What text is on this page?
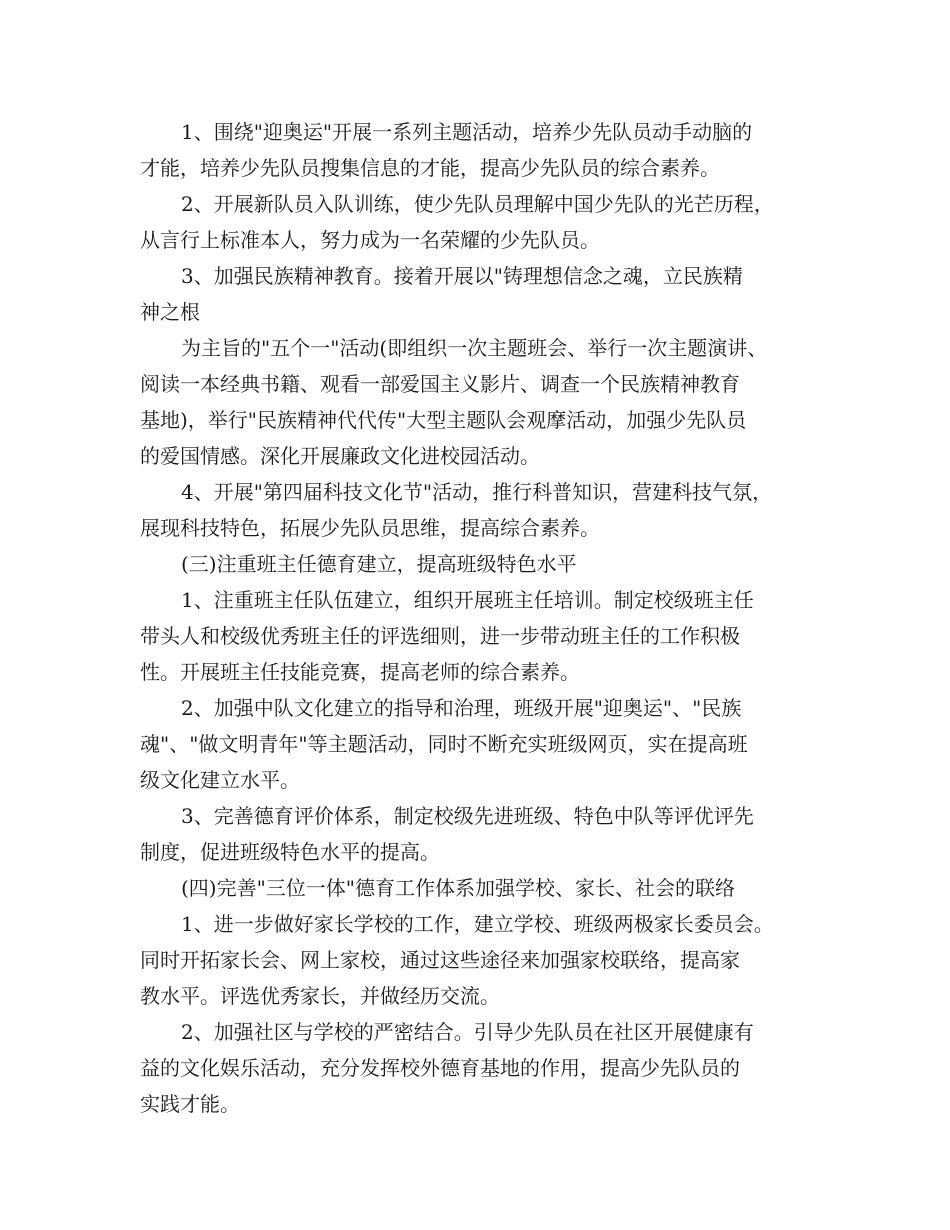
1、围绕"迎奥运"开展一系列主题活动，培养少先队员动手动脑的
才能，培养少先队员搜集信息的才能，提高少先队员的综合素养。

2、开展新队员入队训练，使少先队员理解中国少先队的光芒历程，
从言行上标准本人，努力成为一名荣耀的少先队员。

3、加强民族精神教育。接着开展以"铸理想信念之魂，立民族精
神之根

为主旨的"五个一"活动(即组织一次主题班会、举行一次主题演讲、
阅读一本经典书籍、观看一部爱国主义影片、调查一个民族精神教育
基地)，举行"民族精神代代传"大型主题队会观摩活动，加强少先队员
的爱国情感。深化开展廉政文化进校园活动。

4、开展"第四届科技文化节"活动，推行科普知识，营建科技气氛，
展现科技特色，拓展少先队员思维，提高综合素养。

(三)注重班主任德育建立，提高班级特色水平

1、注重班主任队伍建立，组织开展班主任培训。制定校级班主任
带头人和校级优秀班主任的评选细则，进一步带动班主任的工作积极
性。开展班主任技能竞赛，提高老师的综合素养。

2、加强中队文化建立的指导和治理，班级开展"迎奥运"、"民族
魂"、"做文明青年"等主题活动，同时不断充实班级网页，实在提高班
级文化建立水平。

3、完善德育评价体系，制定校级先进班级、特色中队等评优评先
制度，促进班级特色水平的提高。

(四)完善"三位一体"德育工作体系加强学校、家长、社会的联络

1、进一步做好家长学校的工作，建立学校、班级两极家长委员会。
同时开拓家长会、网上家校，通过这些途径来加强家校联络，提高家
教水平。评选优秀家长，并做经历交流。

2、加强社区与学校的严密结合。引导少先队员在社区开展健康有
益的文化娱乐活动，充分发挥校外德育基地的作用，提高少先队员的
实践才能。
